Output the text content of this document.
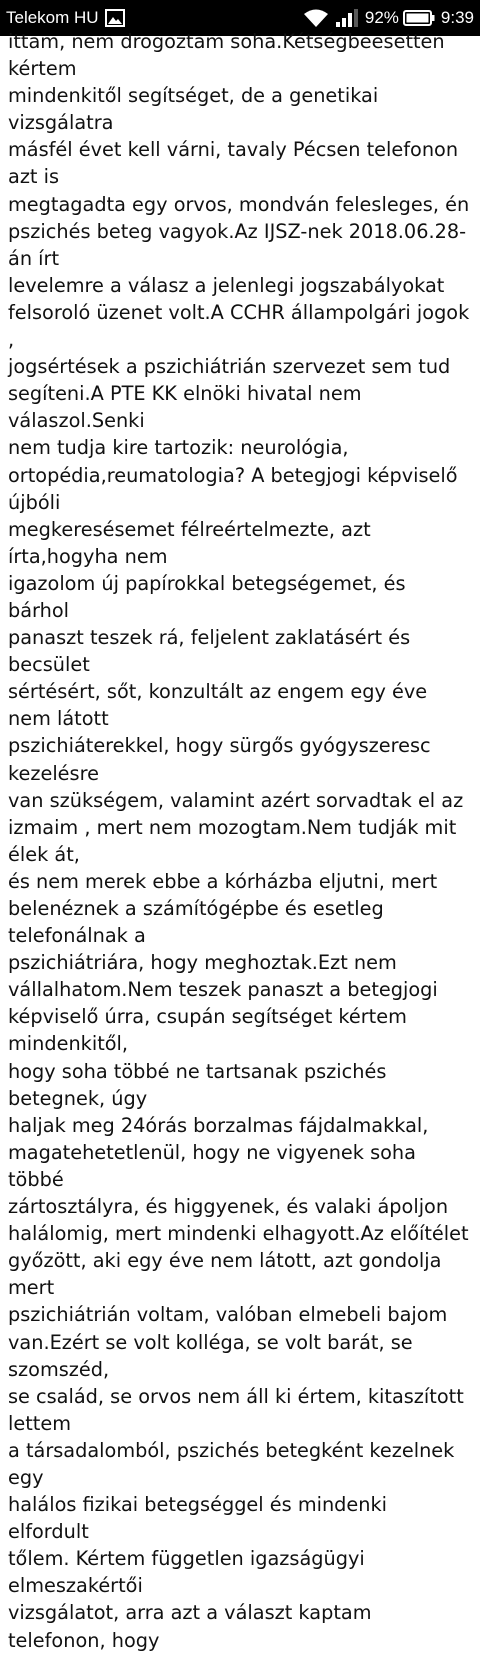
Telekom HU	92% 9:39
ittam, nem drogoztam soha.Kétségbeesetten kértem
mindenkitől segítséget, de a genetikai vizsgálatra
másfél évet kell várni, tavaly Pécsen telefonon azt is
megtagadta egy orvos, mondván felesleges, én
pszichés beteg vagyok.Az IJSZ-nek 2018.06.28-án írt
levelemre a válasz a jelenlegi jogszabályokat
felsoroló üzenet volt.A CCHR állampolgári jogok ,
jogsértések a pszichiátrián szervezet sem tud
segíteni.A PTE KK elnöki hivatal nem válaszol.Senki
nem tudja kire tartozik: neurológia,
ortopédia,reumatologia? A betegjogi képviselő újbóli
megkeresésemet félreértelmezte, azt írta,hogyha nem
igazolom új papírokkal betegségemet, és bárhol
panaszt teszek rá, feljelent zaklatásért és becsület
sértésért, sőt, konzultált az engem egy éve nem látott
pszichiáterekkel, hogy sürgős gyógyszeresc kezelésre
van szükségem, valamint azért sorvadtak el az
izmaim , mert nem mozogtam.Nem tudják mit élek át,
és nem merek ebbe a kórházba eljutni, mert
belenéznek a számítógépbe és esetleg telefonálnak a
pszichiátriára, hogy meghoztak.Ezt nem
vállalhatom.Nem teszek panaszt a betegjogi
képviselő úrra, csupán segítséget kértem mindenkitől,
hogy soha többé ne tartsanak pszichés betegnek, úgy
haljak meg 24órás borzalmas fájdalmakkal,
magatehetetlenül, hogy ne vigyenek soha többé
zártosztályra, és higgyenek, és valaki ápoljon
halálomig, mert mindenki elhagyott.Az előítélet
győzött, aki egy éve nem látott, azt gondolja mert
pszichiátrián voltam, valóban elmebeli bajom
van.Ezért se volt kolléga, se volt barát, se szomszéd,
se család, se orvos nem áll ki értem, kitaszított lettem
a társadalomból, pszichés betegként kezelnek egy
halálos fizikai betegséggel és mindenki elfordult
tőlem. Kértem független igazságügyi elmeszakértői
vizsgálatot, arra azt a választ kaptam telefonon, hogy
